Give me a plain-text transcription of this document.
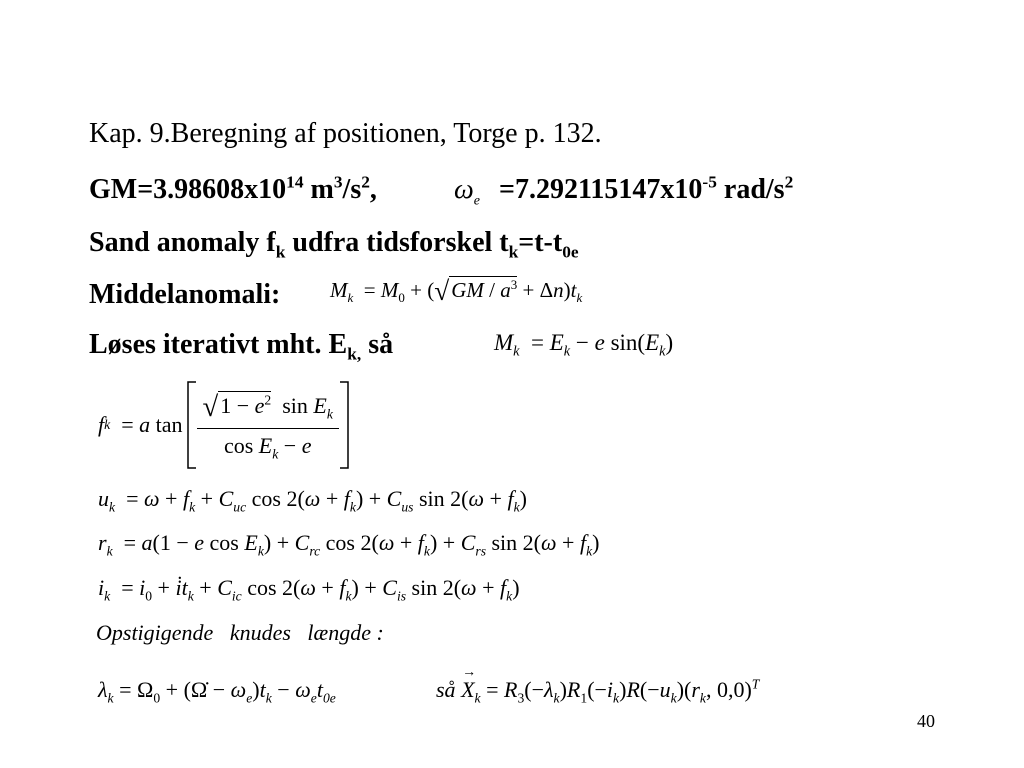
Kap. 9.Beregning af positionen, Torge p. 132.
$GM=3.98608x10^{14}$ $m^3/s^2$,	$\omega_e =7.292115147x10^{-5}$ rad/$s^2$
Sand anomaly $f_k$ udfra tidsforskel $t_k=t-t_{0e}$
Middelanomali: $M_k = M_0 + (√GM / a^3 + \Delta n)t_k$
Løses iterativt mht. $E_{k,}$ så	$M_k = E_k - e$ $\sin(E_k)$
f k = a $\tan \frac{√1 - e^2 \sin E_k}{\cos E_k - e}$
$u_k = \omega + f_k + C_{uc}$ $\cos 2(\omega + f_k) + C_{us}$ $\sin 2(\omega + f_k)$
$r_k = a(1 - e$ $\cos E_k) + C_{rc}$ $\cos 2(\omega + f_k) + C_{rs}$ $\sin 2(\omega + f_k)$
$i_k = i_0$ + $i̇t_k + C_{ic}$ $\cos 2(\omega + f_k) + C_{is}$ $\sin 2(\omega + f_k)$
Opstigigende   knudes   længde :
$\lambda_k = \Omega_0$ + (Ω̇ − $\omega_e)t_k - \omega_et_{0e}$	så X
→
$_k = R_3(-\lambda_k)R_1(-i_k)R(-u_k)(r_k$, 0,0)$^T$
40
